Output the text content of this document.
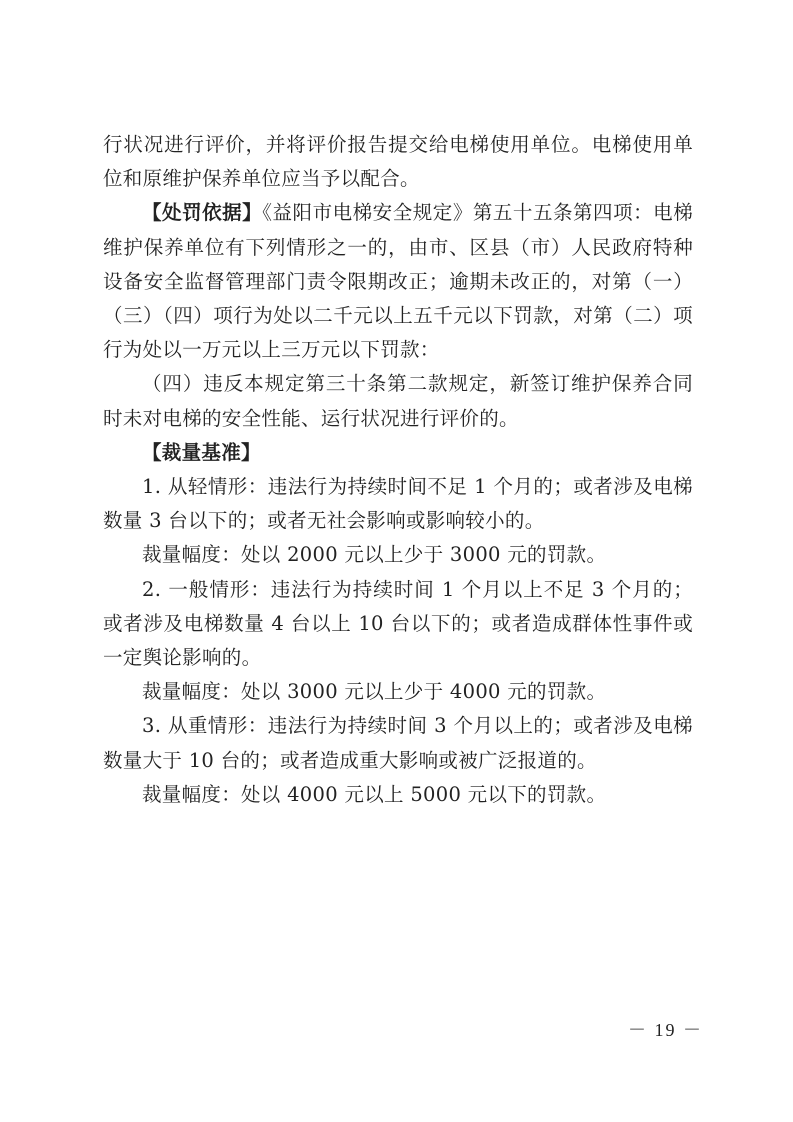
行状况进行评价，并将评价报告提交给电梯使用单位。电梯使用单位和原维护保养单位应当予以配合。

【处罚依据】《益阳市电梯安全规定》第五十五条第四项：电梯维护保养单位有下列情形之一的，由市、区县（市）人民政府特种设备安全监督管理部门责令限期改正；逾期未改正的，对第（一）（三）（四）项行为处以二千元以上五千元以下罚款，对第（二）项行为处以一万元以上三万元以下罚款：

（四）违反本规定第三十条第二款规定，新签订维护保养合同时未对电梯的安全性能、运行状况进行评价的。

【裁量基准】

1. 从轻情形：违法行为持续时间不足 1 个月的；或者涉及电梯数量 3 台以下的；或者无社会影响或影响较小的。

裁量幅度：处以 2000 元以上少于 3000 元的罚款。

2. 一般情形：违法行为持续时间 1 个月以上不足 3 个月的；或者涉及电梯数量 4 台以上 10 台以下的；或者造成群体性事件或一定舆论影响的。

裁量幅度：处以 3000 元以上少于 4000 元的罚款。

3. 从重情形：违法行为持续时间 3 个月以上的；或者涉及电梯数量大于 10 台的；或者造成重大影响或被广泛报道的。

裁量幅度：处以 4000 元以上 5000 元以下的罚款。

－ 19 －
